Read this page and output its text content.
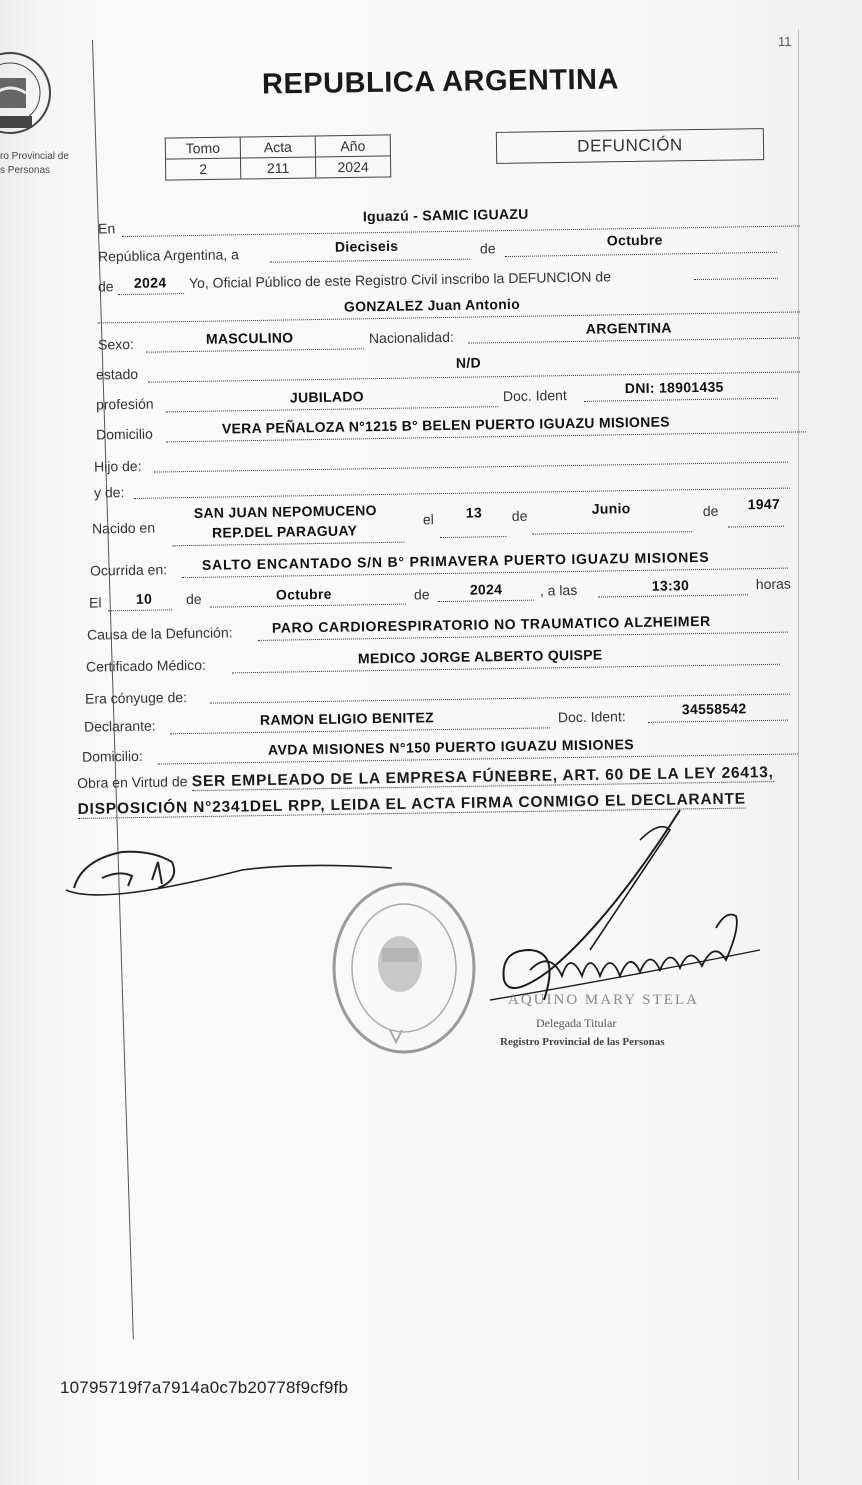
11
ro Provincial de
s Personas
REPUBLICA ARGENTINA
Tomo	Acta	Año
2	211	2024
DEFUNCIÓN
En
Iguazú - SAMIC IGUAZU
República Argentina, a
Dieciseis	de	Octubre
de 2024 Yo, Oficial Público de este Registro Civil inscribo la DEFUNCION de
GONZALEZ Juan Antonio
Sexo:	MASCULINO	Nacionalidad:
ARGENTINA
estado
N/D
profesión	JUBILADO	Doc. Ident	DNI: 18901435
Domicilio	VERA PEÑALOZA N°1215 B° BELEN PUERTO IGUAZU MISIONES
Hijo de:
y de:
SAN JUAN NEPOMUCENO
Nacido en	REP.DEL PARAGUAY
el 13 de	Junio	de 1947
Ocurrida en: SALTO ENCANTADO S/N B° PRIMAVERA PUERTO IGUAZU MISIONES
El 10 de	Octubre	de	2024	, a las	13:30	horas
Causa de la Defunción:	PARO CARDIORESPIRATORIO NO TRAUMATICO ALZHEIMER
Certificado Médico:	MEDICO JORGE ALBERTO QUISPE
Era cónyuge de:
Declarante:	RAMON ELIGIO BENITEZ	Doc. Ident:	34558542
Domicilio:	AVDA MISIONES N°150 PUERTO IGUAZU MISIONES
Obra en Virtud de SER EMPLEADO DE LA EMPRESA FÚNEBRE, ART. 60 DE LA LEY 26413, DISPOSICIÓN N°2341DEL RPP, LEIDA EL ACTA FIRMA CONMIGO EL DECLARANTE
AQUINO MARY STELA
Delegada Titular
Registro Provincial de las Personas
10795719f7a7914a0c7b20778f9cf9fb
